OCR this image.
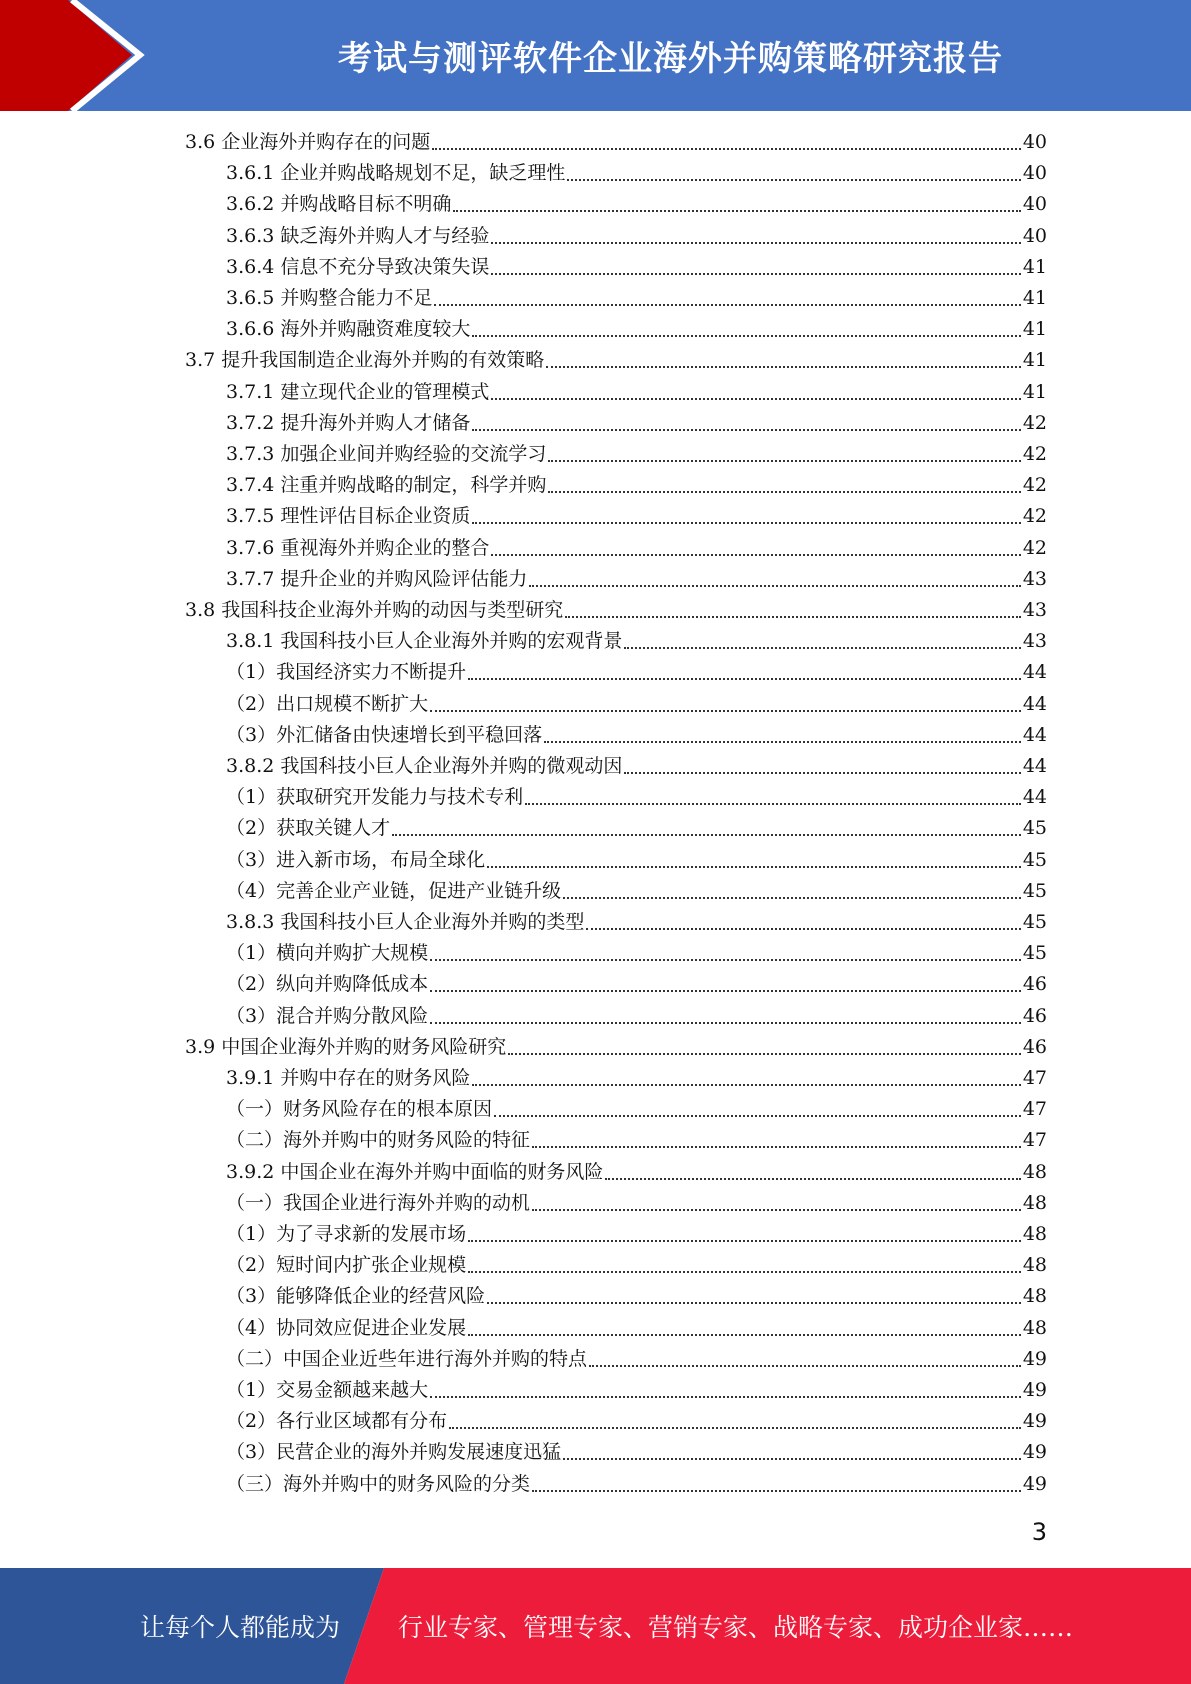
考试与测评软件企业海外并购策略研究报告
3.6 企业海外并购存在的问题	40
3.6.1 企业并购战略规划不足，缺乏理性	40
3.6.2 并购战略目标不明确	40
3.6.3 缺乏海外并购人才与经验	40
3.6.4 信息不充分导致决策失误	41
3.6.5 并购整合能力不足	41
3.6.6 海外并购融资难度较大	41
3.7 提升我国制造企业海外并购的有效策略	41
3.7.1 建立现代企业的管理模式	41
3.7.2 提升海外并购人才储备	42
3.7.3 加强企业间并购经验的交流学习	42
3.7.4 注重并购战略的制定，科学并购	42
3.7.5 理性评估目标企业资质	42
3.7.6 重视海外并购企业的整合	42
3.7.7 提升企业的并购风险评估能力	43
3.8 我国科技企业海外并购的动因与类型研究	43
3.8.1 我国科技小巨人企业海外并购的宏观背景	43
（1）我国经济实力不断提升	44
（2）出口规模不断扩大	44
（3）外汇储备由快速增长到平稳回落	44
3.8.2 我国科技小巨人企业海外并购的微观动因	44
（1）获取研究开发能力与技术专利	44
（2）获取关键人才	45
（3）进入新市场，布局全球化	45
（4）完善企业产业链，促进产业链升级	45
3.8.3 我国科技小巨人企业海外并购的类型	45
（1）横向并购扩大规模	45
（2）纵向并购降低成本	46
（3）混合并购分散风险	46
3.9 中国企业海外并购的财务风险研究	46
3.9.1 并购中存在的财务风险	47
（一）财务风险存在的根本原因	47
（二）海外并购中的财务风险的特征	47
3.9.2 中国企业在海外并购中面临的财务风险	48
（一）我国企业进行海外并购的动机	48
（1）为了寻求新的发展市场	48
（2）短时间内扩张企业规模	48
（3）能够降低企业的经营风险	48
（4）协同效应促进企业发展	48
（二）中国企业近些年进行海外并购的特点	49
（1）交易金额越来越大	49
（2）各行业区域都有分布	49
（3）民营企业的海外并购发展速度迅猛	49
（三）海外并购中的财务风险的分类	49
3
让每个人都能成为 行业专家、管理专家、营销专家、战略专家、成功企业家……
